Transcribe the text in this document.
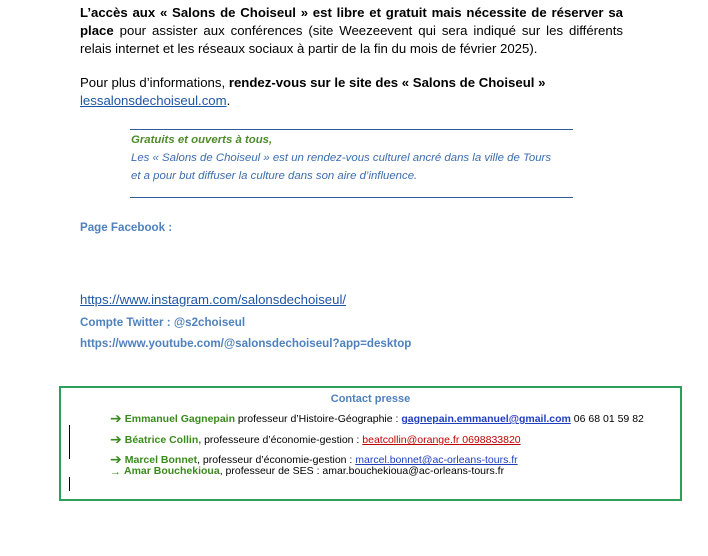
L’accès aux « Salons de Choiseul » est libre et gratuit mais nécessite de réserver sa place pour assister aux conférences (site Weezeevent qui sera indiqué sur les différents relais internet et les réseaux sociaux à partir de la fin du mois de février 2025).
Pour plus d’informations, rendez-vous sur le site des « Salons de Choiseul »
lessalonsdechoiseul.com.
Gratuits et ouverts à tous,
Les « Salons de Choiseul » est un rendez-vous culturel ancré dans la ville de Tours
et a pour but diffuser la culture dans son aire d’influence.
Page Facebook :
https://www.instagram.com/salonsdechoiseul/
Compte Twitter : @s2choiseul
https://www.youtube.com/@salonsdechoiseul?app=desktop
Contact presse
➔ Emmanuel Gagnepain professeur d’Histoire-Géographie : gagnepain.emmanuel@gmail.com 06 68 01 59 82
➔ Béatrice Collin, professeure d’économie-gestion : beatcollin@orange.fr 0698833820
➔ Marcel Bonnet, professeur d’économie-gestion : marcel.bonnet@ac-orleans-tours.fr
→ Amar Bouchekioua, professeur de SES : amar.bouchekioua@ac-orleans-tours.fr
